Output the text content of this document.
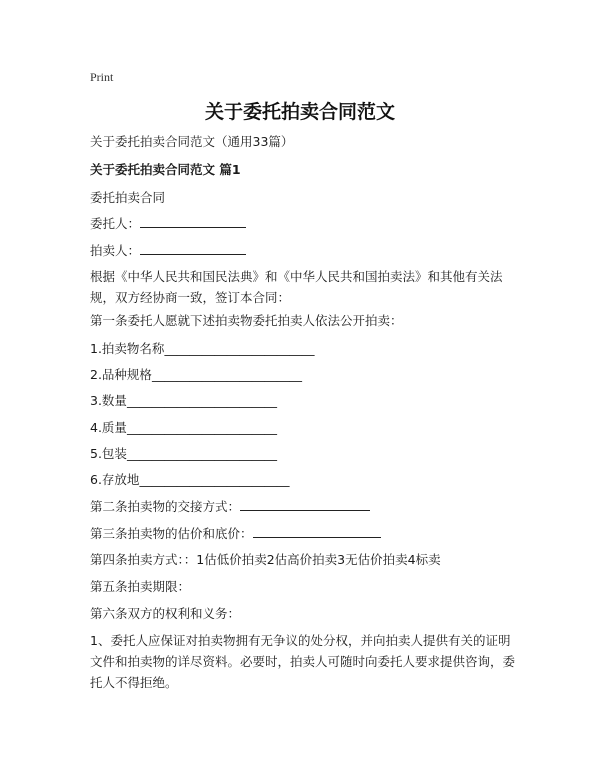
Print
关于委托拍卖合同范文
关于委托拍卖合同范文（通用33篇）
关于委托拍卖合同范文 篇1
委托拍卖合同
委托人：
拍卖人：
根据《中华人民共和国民法典》和《中华人民共和国拍卖法》和其他有关法规，双方经协商一致，签订本合同：
第一条委托人愿就下述拍卖物委托拍卖人依法公开拍卖：
1.拍卖物名称________________________
2.品种规格________________________
3.数量________________________
4.质量________________________
5.包装________________________
6.存放地________________________
第二条拍卖物的交接方式：
第三条拍卖物的估价和底价：
第四条拍卖方式：：1估低价拍卖2估高价拍卖3无估价拍卖4标卖
第五条拍卖期限：
第六条双方的权利和义务：
1、委托人应保证对拍卖物拥有无争议的处分权，并向拍卖人提供有关的证明文件和拍卖物的详尽资料。必要时，拍卖人可随时向委托人要求提供咨询，委托人不得拒绝。
